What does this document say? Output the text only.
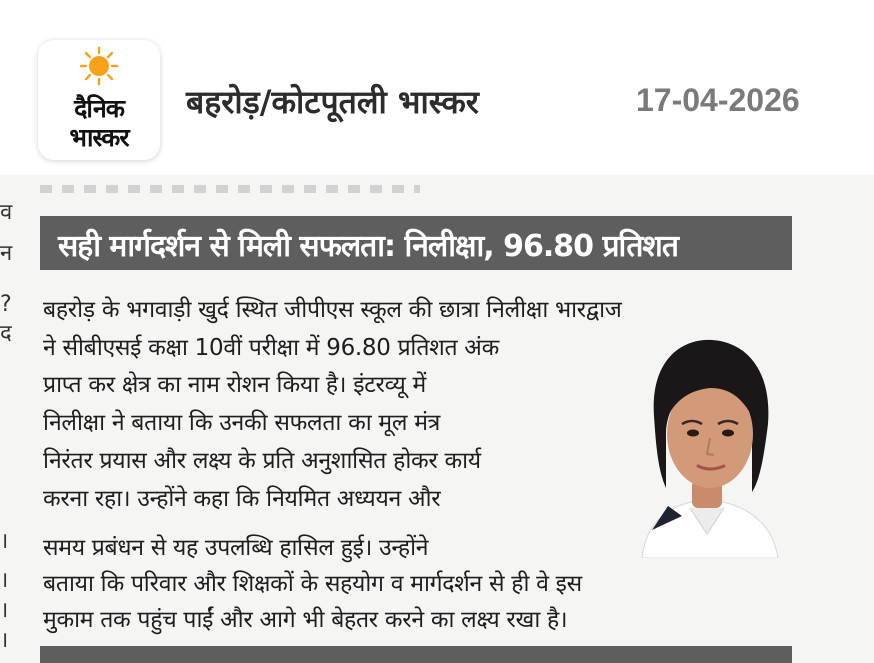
दैनिक
भास्कर
बहरोड़/कोटपूतली भास्कर	17-04-2026
व
न
?
द
।
।
।
।
सही मार्गदर्शन से मिली सफलता: निलीक्षा, 96.80 प्रतिशत
बहरोड़ के भगवाड़ी खुर्द स्थित जीपीएस स्कूल की छात्रा निलीक्षा भारद्वाज
ने सीबीएसई कक्षा 10वीं परीक्षा में 96.80 प्रतिशत अंक
प्राप्त कर क्षेत्र का नाम रोशन किया है। इंटरव्यू में
निलीक्षा ने बताया कि उनकी सफलता का मूल मंत्र
निरंतर प्रयास और लक्ष्य के प्रति अनुशासित होकर कार्य
करना रहा। उन्होंने कहा कि नियमित अध्ययन और
समय प्रबंधन से यह उपलब्धि हासिल हुई। उन्होंने
बताया कि परिवार और शिक्षकों के सहयोग व मार्गदर्शन से ही वे इस
मुकाम तक पहुंच पाईं और आगे भी बेहतर करने का लक्ष्य रखा है।
